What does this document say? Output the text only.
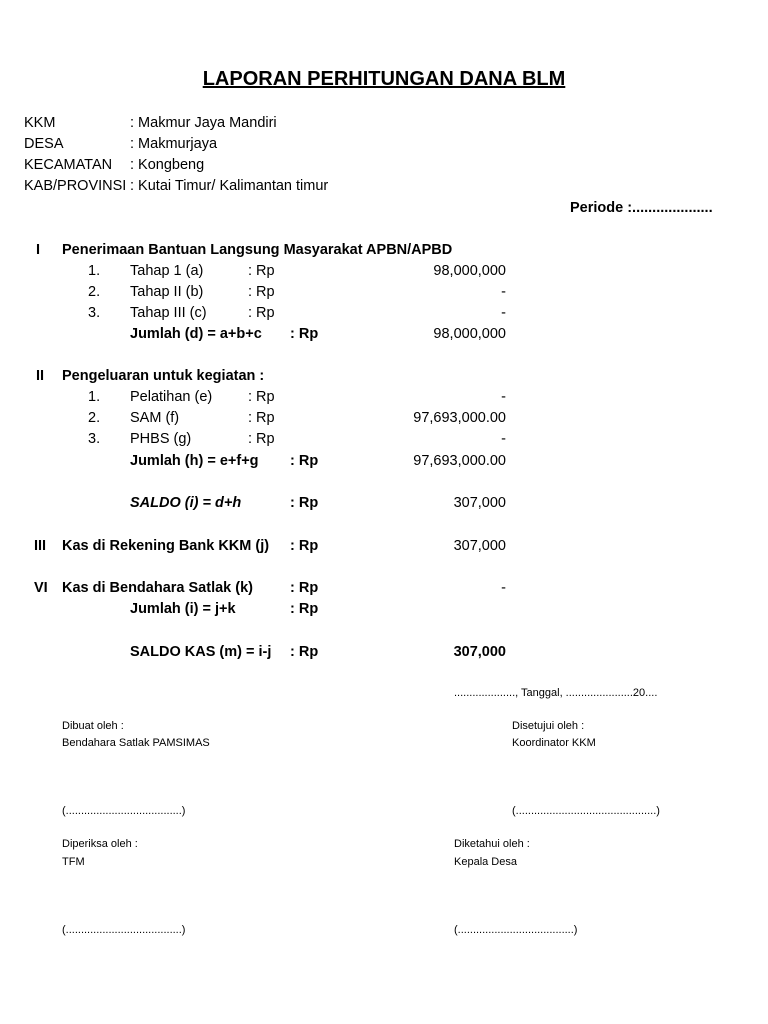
LAPORAN PERHITUNGAN DANA BLM
KKM	: Makmur Jaya Mandiri
DESA	: Makmurjaya
KECAMATAN : Kongbeng
KAB/PROVINSI : Kutai Timur/ Kalimantan timur
Periode :....................
I Penerimaan Bantuan Langsung Masyarakat APBN/APBD
1. Tahap 1 (a)	: Rp	98,000,000
2. Tahap II (b)	: Rp	-
3. Tahap III (c)	: Rp	-
Jumlah (d) = a+b+c : Rp	98,000,000
II Pengeluaran untuk kegiatan :
1. Pelatihan (e) : Rp	-
2. SAM (f)	: Rp	97,693,000.00
3. PHBS (g)	: Rp	-
Jumlah (h) = e+f+g : Rp	97,693,000.00
SALDO (i) = d+h	: Rp	307,000
III Kas di Rekening Bank KKM (j) : Rp	307,000
VI Kas di Bendahara Satlak (k)	: Rp	-
Jumlah (i) = j+k	: Rp
SALDO KAS (m) = i-j : Rp	307,000
...................., Tanggal, ......................20....
Dibuat oleh :
Bendahara Satlak PAMSIMAS
(......................................)
Disetujui oleh :
Koordinator KKM
(..............................................)
Diperiksa oleh :
TFM
(......................................)
Diketahui oleh :
Kepala Desa
(......................................)
